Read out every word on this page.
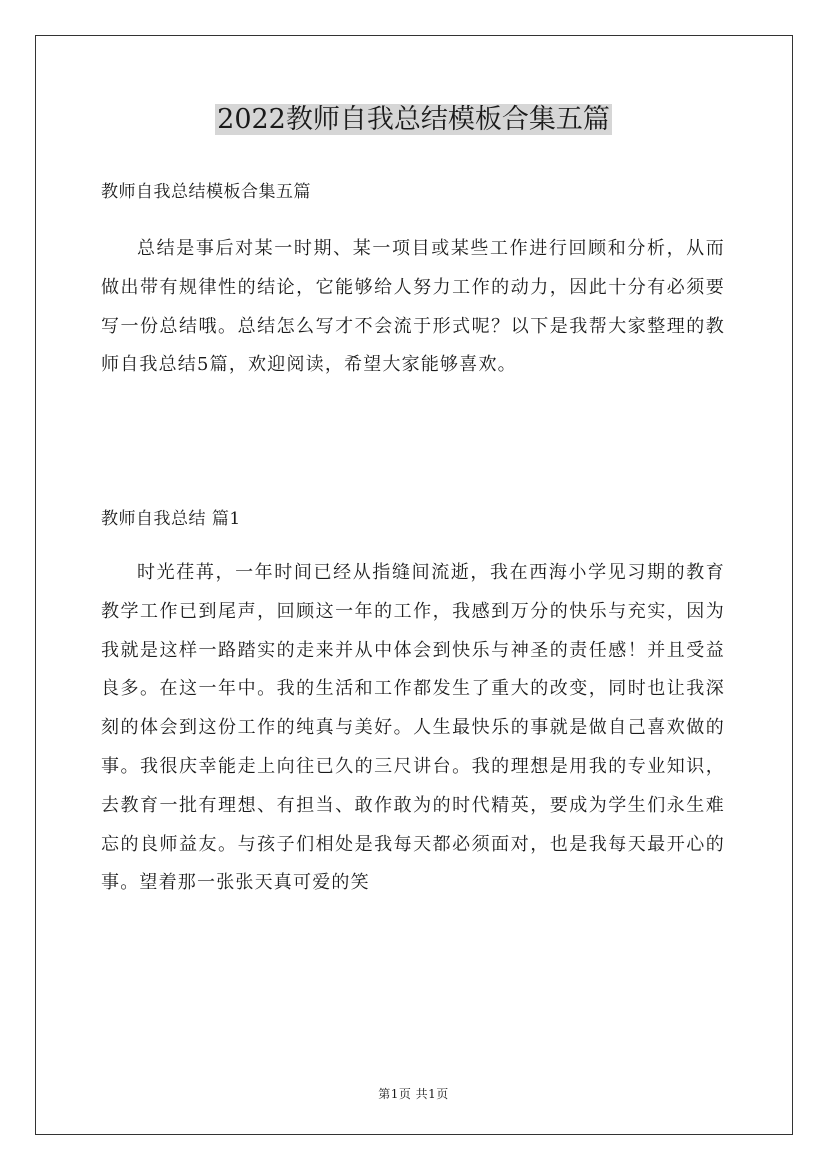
2022教师自我总结模板合集五篇

教师自我总结模板合集五篇

总结是事后对某一时期、某一项目或某些工作进行回顾和分析，从而做出带有规律性的结论，它能够给人努力工作的动力，因此十分有必须要写一份总结哦。总结怎么写才不会流于形式呢？以下是我帮大家整理的教师自我总结5篇，欢迎阅读，希望大家能够喜欢。

教师自我总结 篇1

时光荏苒，一年时间已经从指缝间流逝，我在西海小学见习期的教育教学工作已到尾声，回顾这一年的工作，我感到万分的快乐与充实，因为我就是这样一路踏实的走来并从中体会到快乐与神圣的责任感！并且受益良多。在这一年中。我的生活和工作都发生了重大的改变，同时也让我深刻的体会到这份工作的纯真与美好。人生最快乐的事就是做自己喜欢做的事。我很庆幸能走上向往已久的三尺讲台。我的理想是用我的专业知识，去教育一批有理想、有担当、敢作敢为的时代精英，要成为学生们永生难忘的良师益友。与孩子们相处是我每天都必须面对，也是我每天最开心的事。望着那一张张天真可爱的笑

第1页 共1页
